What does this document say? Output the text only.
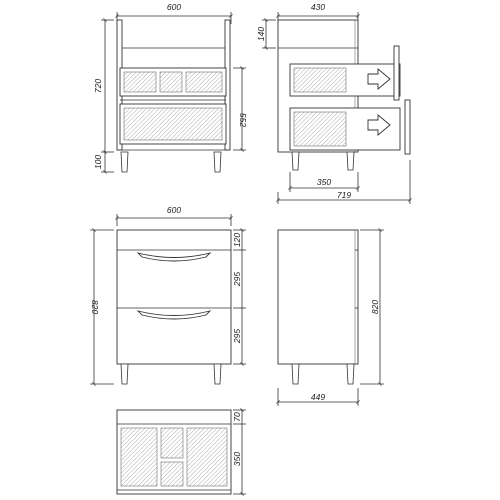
600
720
100
552
430
140
350
719
600
820
120
295
295
820
449
70
350
